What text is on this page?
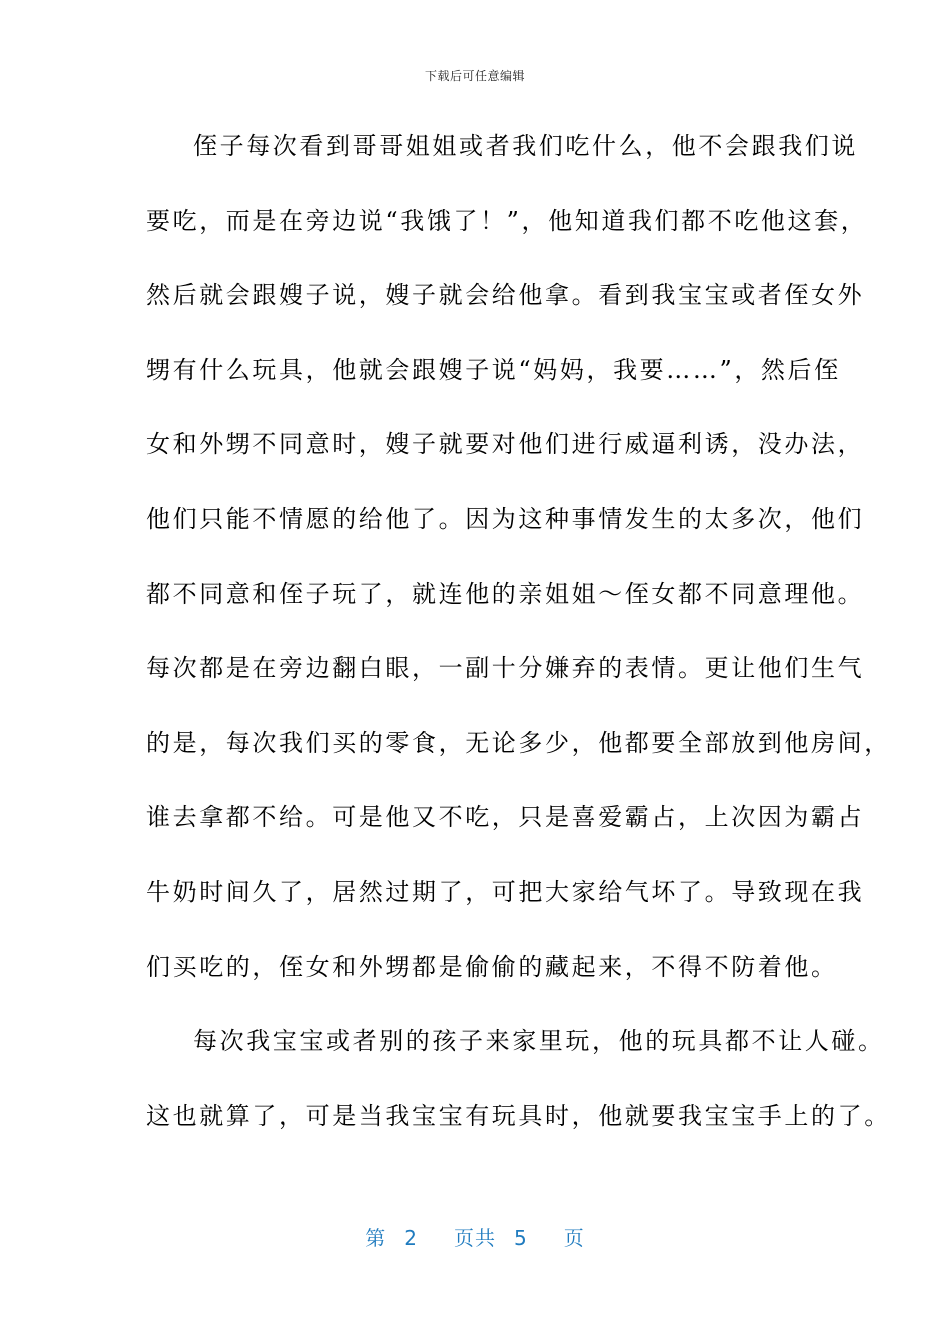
下载后可任意编辑
侄子每次看到哥哥姐姐或者我们吃什么，他不会跟我们说
要吃，而是在旁边说“我饿了！”，他知道我们都不吃他这套，
然后就会跟嫂子说，嫂子就会给他拿。看到我宝宝或者侄女外
甥有什么玩具，他就会跟嫂子说“妈妈，我要……”，然后侄
女和外甥不同意时，嫂子就要对他们进行威逼利诱，没办法，
他们只能不情愿的给他了。因为这种事情发生的太多次，他们
都不同意和侄子玩了，就连他的亲姐姐～侄女都不同意理他。
每次都是在旁边翻白眼，一副十分嫌弃的表情。更让他们生气
的是，每次我们买的零食，无论多少，他都要全部放到他房间，
谁去拿都不给。可是他又不吃，只是喜爱霸占，上次因为霸占
牛奶时间久了，居然过期了，可把大家给气坏了。导致现在我
们买吃的，侄女和外甥都是偷偷的藏起来，不得不防着他。
每次我宝宝或者别的孩子来家里玩，他的玩具都不让人碰。
这也就算了，可是当我宝宝有玩具时，他就要我宝宝手上的了。
第 2 页共 5 页
